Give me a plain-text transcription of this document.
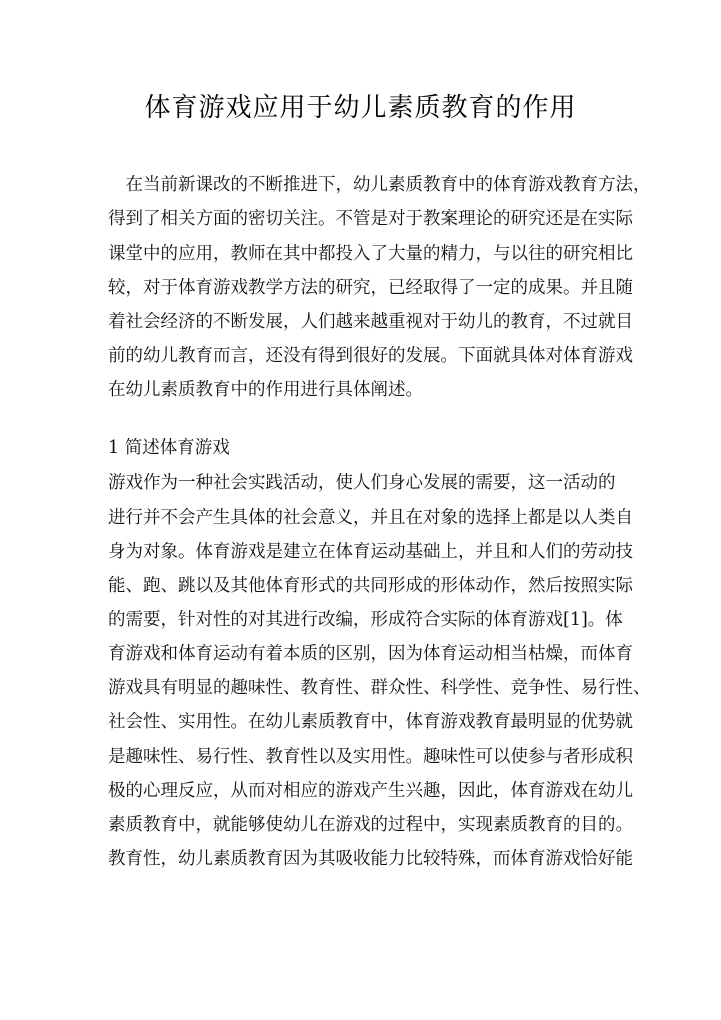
体育游戏应用于幼儿素质教育的作用
　在当前新课改的不断推进下，幼儿素质教育中的体育游戏教育方法，
得到了相关方面的密切关注。不管是对于教案理论的研究还是在实际
课堂中的应用，教师在其中都投入了大量的精力，与以往的研究相比
较，对于体育游戏教学方法的研究，已经取得了一定的成果。并且随
着社会经济的不断发展，人们越来越重视对于幼儿的教育，不过就目
前的幼儿教育而言，还没有得到很好的发展。下面就具体对体育游戏
在幼儿素质教育中的作用进行具体阐述。
1 简述体育游戏
游戏作为一种社会实践活动，使人们身心发展的需要，这一活动的
进行并不会产生具体的社会意义，并且在对象的选择上都是以人类自
身为对象。体育游戏是建立在体育运动基础上，并且和人们的劳动技
能、跑、跳以及其他体育形式的共同形成的形体动作，然后按照实际
的需要，针对性的对其进行改编，形成符合实际的体育游戏[1]。体
育游戏和体育运动有着本质的区别，因为体育运动相当枯燥，而体育
游戏具有明显的趣味性、教育性、群众性、科学性、竞争性、易行性、
社会性、实用性。在幼儿素质教育中，体育游戏教育最明显的优势就
是趣味性、易行性、教育性以及实用性。趣味性可以使参与者形成积
极的心理反应，从而对相应的游戏产生兴趣，因此，体育游戏在幼儿
素质教育中，就能够使幼儿在游戏的过程中，实现素质教育的目的。
教育性，幼儿素质教育因为其吸收能力比较特殊，而体育游戏恰好能
